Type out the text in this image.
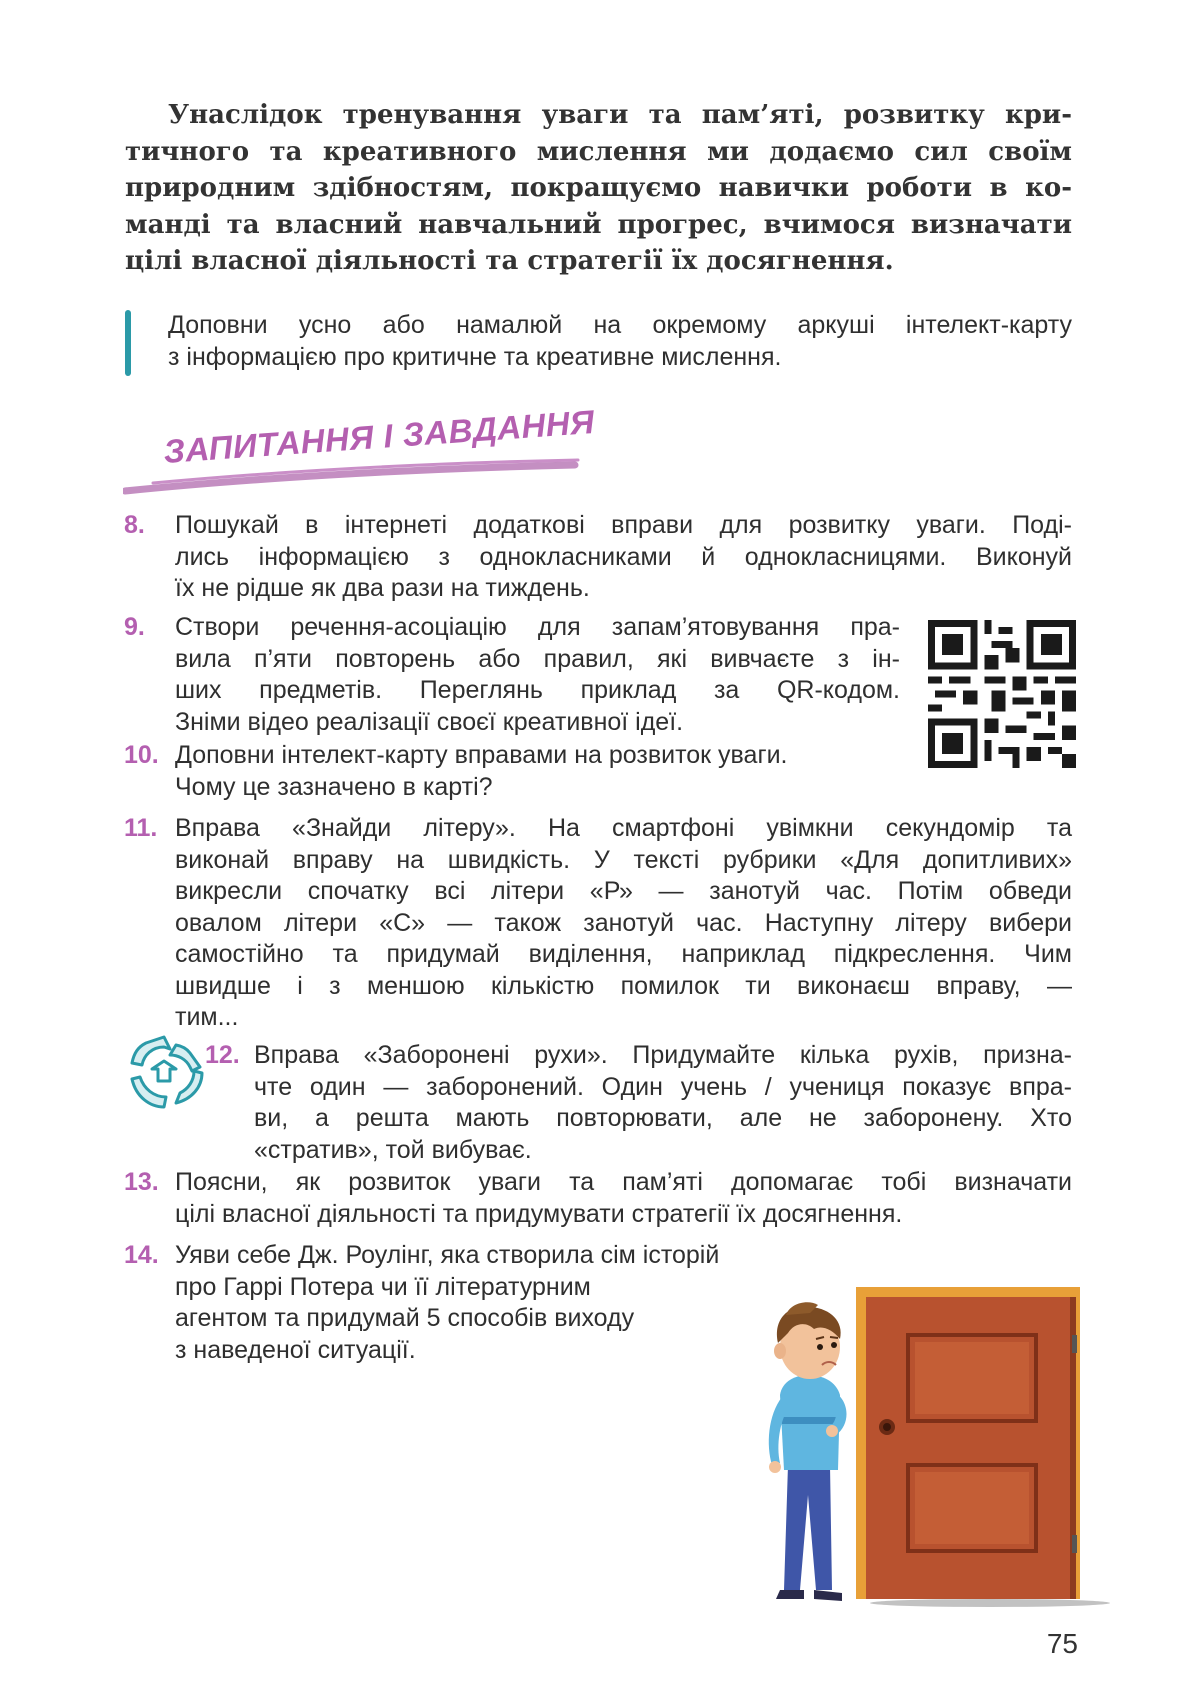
Унаслідок тренування уваги та пам’яті, розвитку кри-
тичного та креативного мислення ми додаємо сил своїм
природним здібностям, покращуємо навички роботи в ко-
манді та власний навчальний прогрес, вчимося визначати
цілі власної діяльності та стратегії їх досягнення.
Доповни усно або намалюй на окремому аркуші інтелект-карту
з інформацією про критичне та креативне мислення.
ЗАПИТАННЯ І ЗАВДАННЯ
8. Пошукай в інтернеті додаткові вправи для розвитку уваги. Поді-
лись інформацією з однокласниками й однокласницями. Виконуй
їх не рідше як два рази на тиждень.
9. Створи речення-асоціацію для запам’ятовування пра-
вила п’яти повторень або правил, які вивчаєте з ін-
ших предметів. Переглянь приклад за QR-кодом.
Зніми відео реалізації своєї креативної ідеї.
10. Доповни інтелект-карту вправами на розвиток уваги.
Чому це зазначено в карті?
11. Вправа «Знайди літеру». На смартфоні увімкни секундомір та
виконай вправу на швидкість. У тексті рубрики «Для допитливих»
викресли спочатку всі літери «Р» — занотуй час. Потім обведи
овалом літери «С» — також занотуй час. Наступну літеру вибери
самостійно та придумай виділення, наприклад підкреслення. Чим
швидше і з меншою кількістю помилок ти виконаєш вправу, —
тим...
12. Вправа «Заборонені рухи». Придумайте кілька рухів, призна-
чте один — заборонений. Один учень / учениця показує впра-
ви, а решта мають повторювати, але не заборонену. Хто
«стратив», той вибуває.
13. Поясни, як розвиток уваги та пам’яті допомагає тобі визначати
цілі власної діяльності та придумувати стратегії їх досягнення.
14. Уяви себе Дж. Роулінг, яка створила сім історій
про Гаррі Потера чи її літературним
агентом та придумай 5 способів виходу
з наведеної ситуації.
75
